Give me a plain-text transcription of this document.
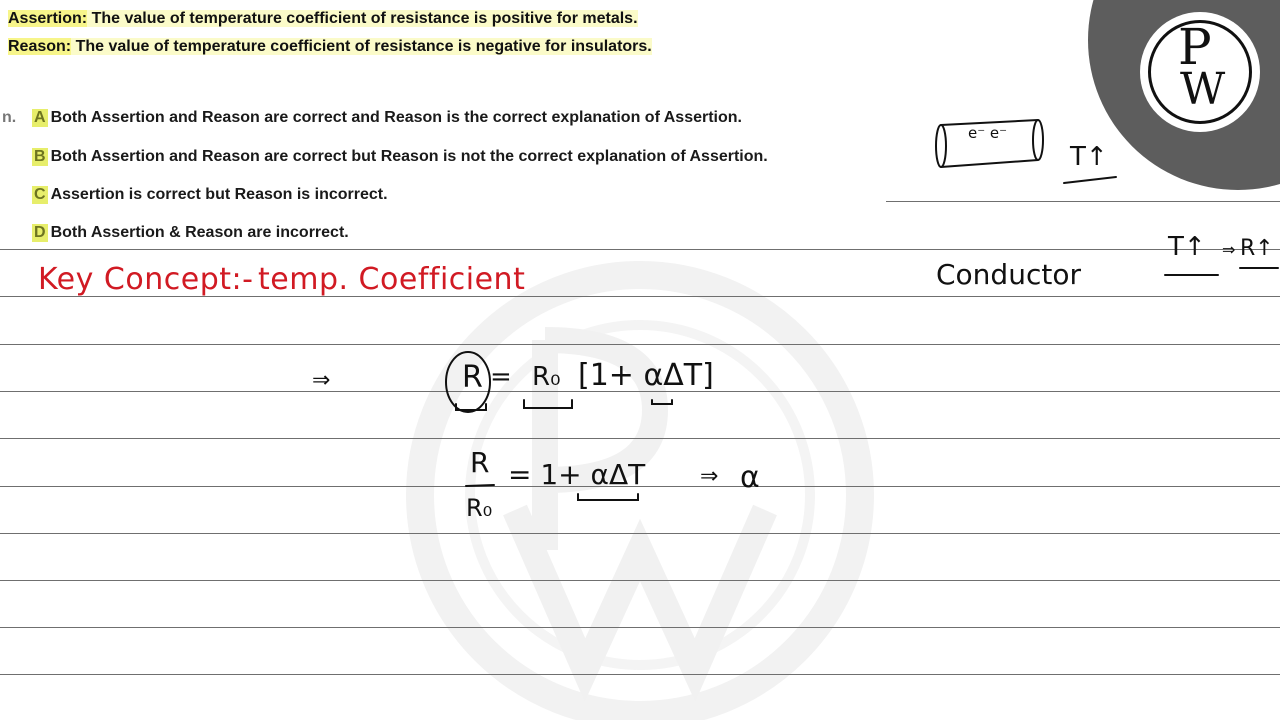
P
W
Assertion: The value of temperature coefficient of resistance is positive for metals.
Reason: The value of temperature coefficient of resistance is negative for insulators.
n. A Both Assertion and Reason are correct and Reason is the correct explanation of Assertion.
B Both Assertion and Reason are correct but Reason is not the correct explanation of Assertion.
C Assertion is correct but Reason is incorrect.
D Both Assertion & Reason are incorrect.
e⁻ e⁻
T↑
Key Concept:- temp. Coefficient	Conductor
T↑ ⇒ R↑
⇒	R = R₀ [1+ αΔT]
R
R₀
= 1+ αΔT ⇒ α
